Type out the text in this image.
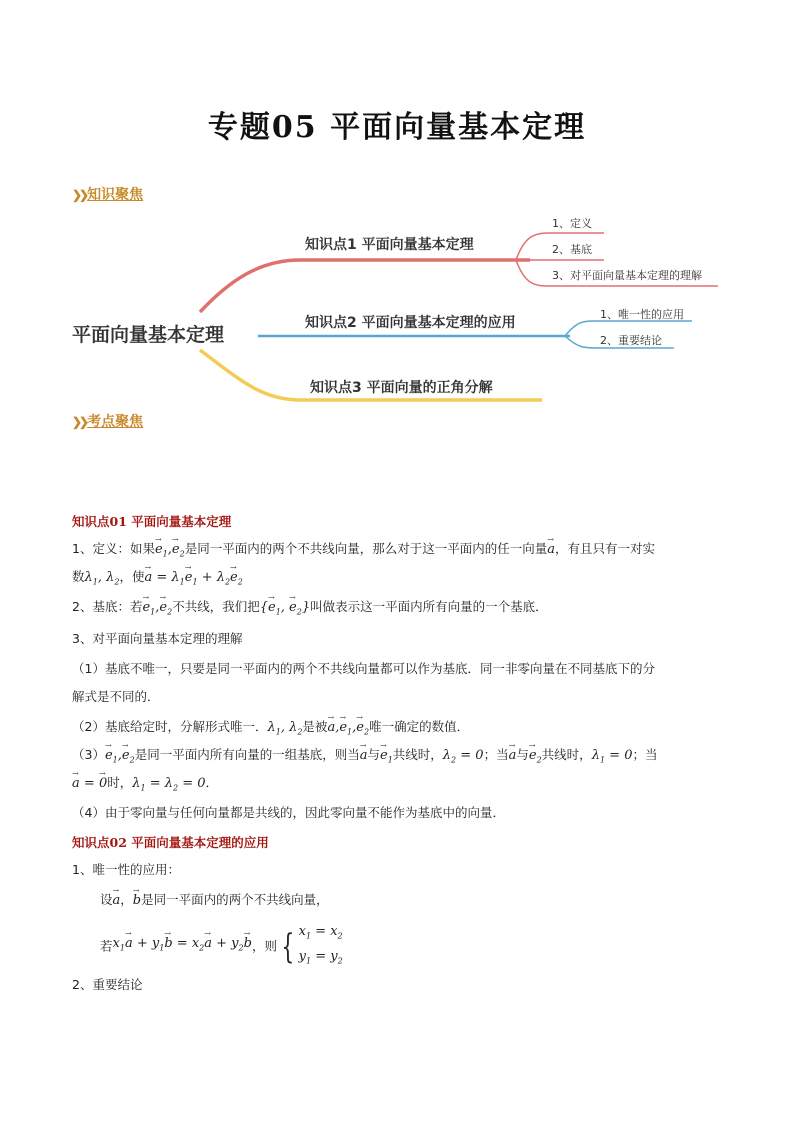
专题05 平面向量基本定理
❯❯知识聚焦
平面向量基本定理
知识点1 平面向量基本定理
1、定义
2、基底
3、对平面向量基本定理的理解
知识点2 平面向量基本定理的应用
1、唯一性的应用
2、重要结论
知识点3 平面向量的正角分解
❯❯考点聚焦
知识点01 平面向量基本定理
1、定义：如果→ $e_1,\to e_2$是同一平面内的两个不共线向量，那么对于这一平面内的任一向量→ a，有且只有一对实
数$\lambda_1$, $\lambda_2$，使→ $a = \lambda_1\to e_1 + \lambda_2\to e_2$
2、基底：若→ $e_1,\to e_2$不共线，我们把{→ $e_1$, → $e_2$}叫做表示这一平面内所有向量的一个基底．
3、对平面向量基本定理的理解
（1）基底不唯一，只要是同一平面内的两个不共线向量都可以作为基底．同一非零向量在不同基底下的分
解式是不同的．
（2）基底给定时，分解形式唯一．$\lambda_1$, $\lambda_2$是被→ $a,\to e_1,\to e_2$唯一确定的数值．
$(3)\to e_1,\to e_2$是同一平面内所有向量的一组基底，则当→ a与→ $e_1$共线时，$\lambda_2 = 0$；当→ a与→ $e_2$共线时，$\lambda_1 = 0$；当
→ a = → 0时，$\lambda_1 = \lambda_2 = 0$．
（4）由于零向量与任何向量都是共线的，因此零向量不能作为基底中的向量．
知识点02 平面向量基本定理的应用
1、唯一性的应用：
设→ a，→ b是同一平面内的两个不共线向量，
若$x_1\to a + y_1\to b = x_2\to a + y_2\to b$，则 { $x_1 = x_2$
$y_1 = y_2$
2、重要结论
